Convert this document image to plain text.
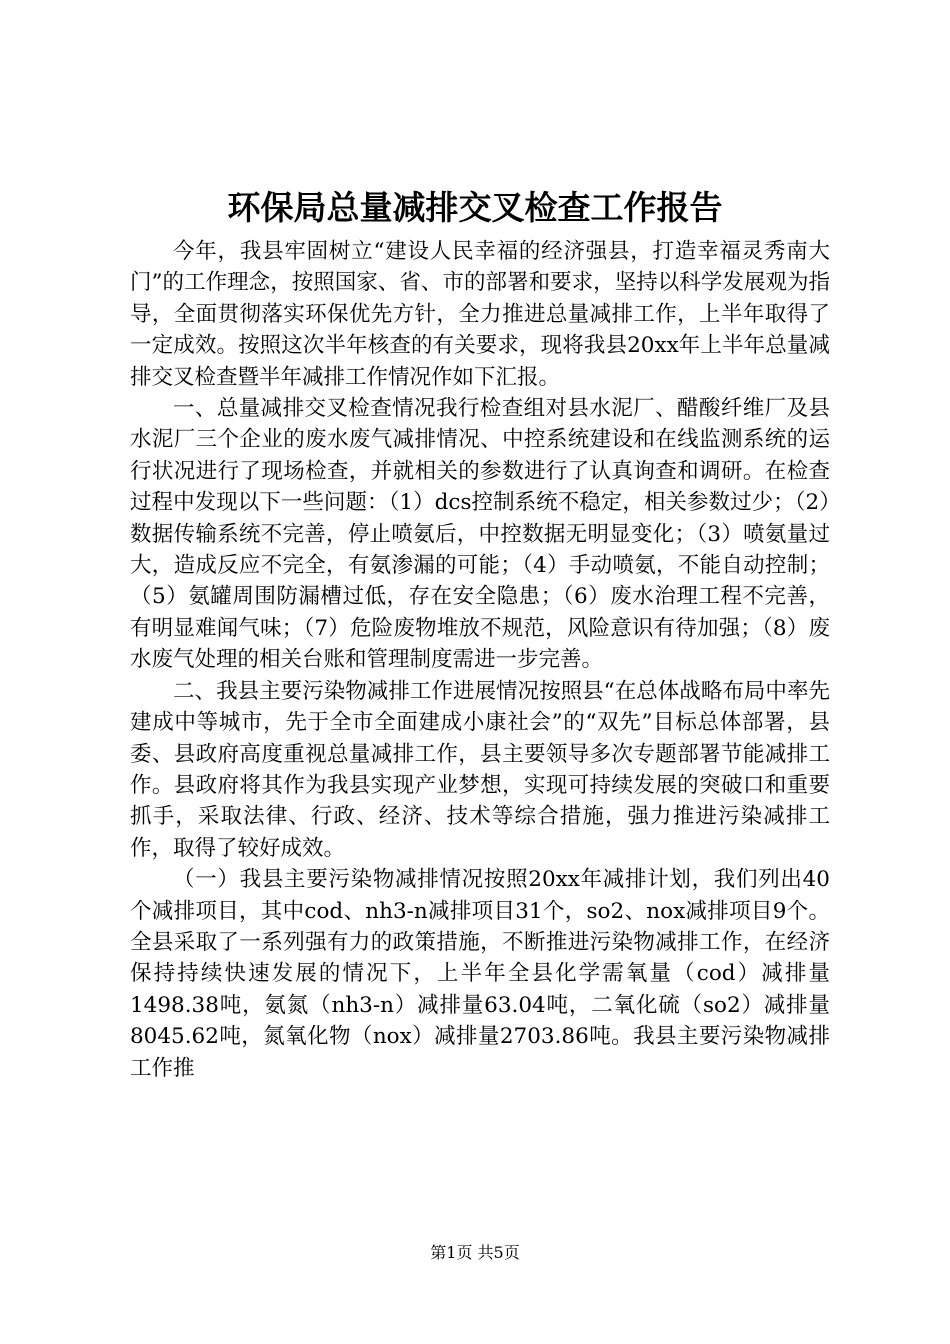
环保局总量减排交叉检查工作报告

今年，我县牢固树立“建设人民幸福的经济强县，打造幸福灵秀南大门”的工作理念，按照国家、省、市的部署和要求，坚持以科学发展观为指导，全面贯彻落实环保优先方针，全力推进总量减排工作，上半年取得了一定成效。按照这次半年核查的有关要求，现将我县20xx年上半年总量减排交叉检查暨半年减排工作情况作如下汇报。

一、总量减排交叉检查情况我行检查组对县水泥厂、醋酸纤维厂及县水泥厂三个企业的废水废气减排情况、中控系统建设和在线监测系统的运行状况进行了现场检查，并就相关的参数进行了认真询查和调研。在检查过程中发现以下一些问题：（1）dcs控制系统不稳定，相关参数过少；（2）数据传输系统不完善，停止喷氨后，中控数据无明显变化；（3）喷氨量过大，造成反应不完全，有氨渗漏的可能；（4）手动喷氨，不能自动控制；（5）氨罐周围防漏槽过低，存在安全隐患；（6）废水治理工程不完善，有明显难闻气味；（7）危险废物堆放不规范，风险意识有待加强；（8）废水废气处理的相关台账和管理制度需进一步完善。

二、我县主要污染物减排工作进展情况按照县“在总体战略布局中率先建成中等城市，先于全市全面建成小康社会”的“双先”目标总体部署，县委、县政府高度重视总量减排工作，县主要领导多次专题部署节能减排工作。县政府将其作为我县实现产业梦想，实现可持续发展的突破口和重要抓手，采取法律、行政、经济、技术等综合措施，强力推进污染减排工作，取得了较好成效。

（一）我县主要污染物减排情况按照20xx年减排计划，我们列出40个减排项目，其中cod、nh3-n减排项目31个，so2、nox减排项目9个。全县采取了一系列强有力的政策措施，不断推进污染物减排工作，在经济保持持续快速发展的情况下，上半年全县化学需氧量（cod）减排量1498.38吨，氨氮（nh3-n）减排量63.04吨，二氧化硫（so2）减排量8045.62吨，氮氧化物（nox）减排量2703.86吨。我县主要污染物减排工作推

第1页 共5页
